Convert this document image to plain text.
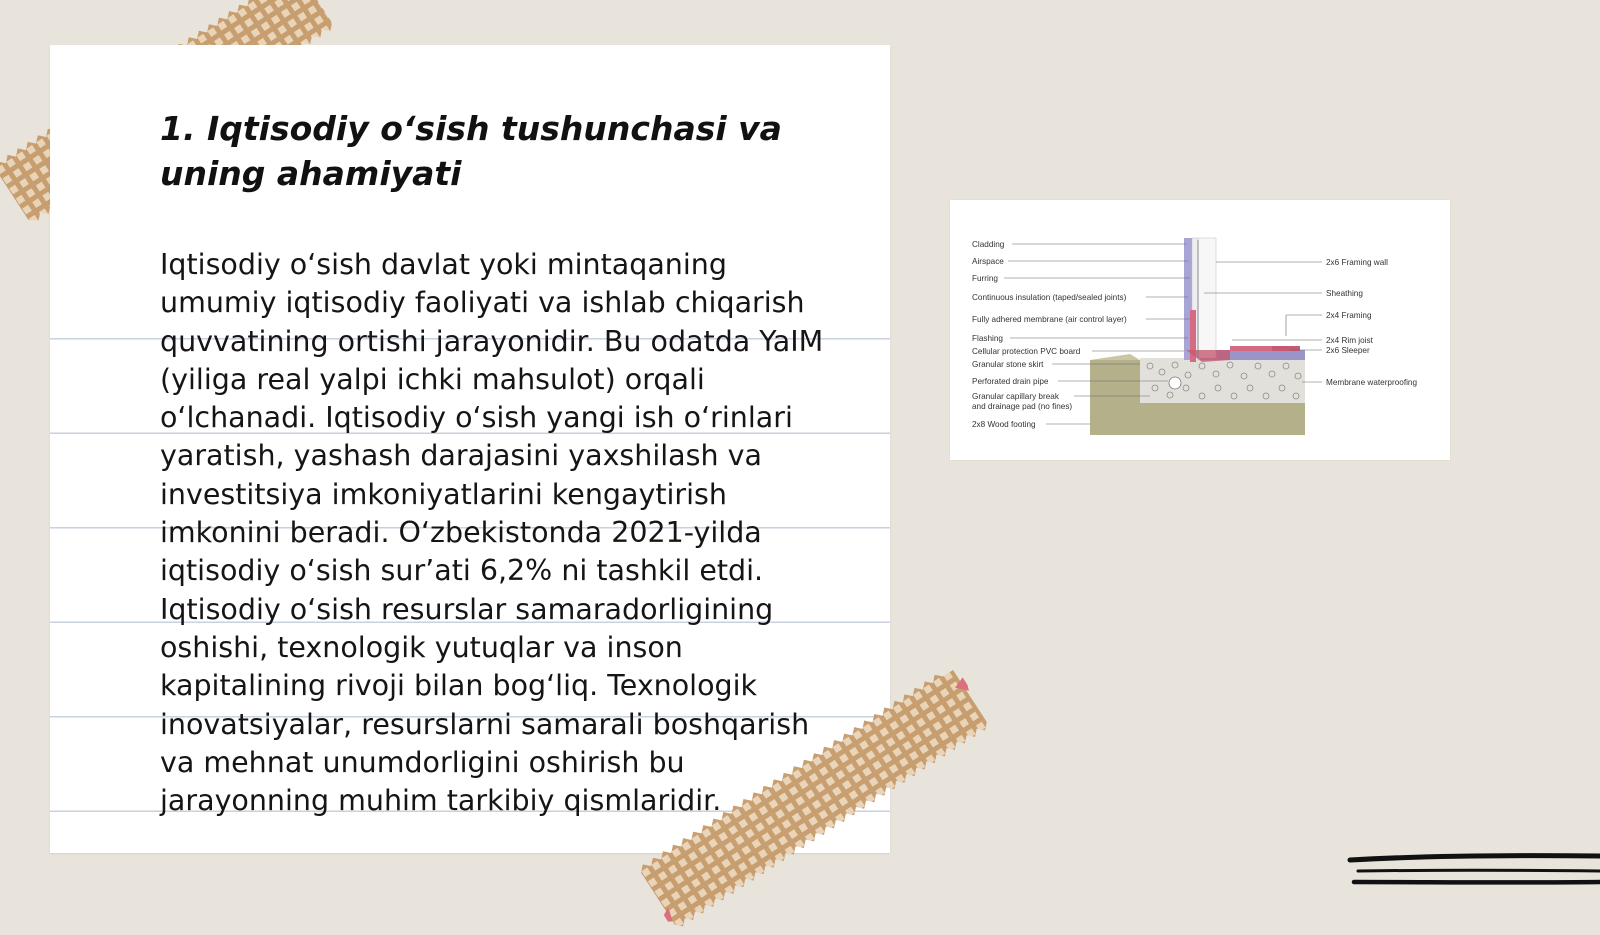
1. Iqtisodiy o‘sish tushunchasi va uning ahamiyati

Iqtisodiy o‘sish davlat yoki mintaqaning umumiy iqtisodiy faoliyati va ishlab chiqarish quvvatining ortishi jarayonidir. Bu odatda YaIM (yiliga real yalpi ichki mahsulot) orqali o‘lchanadi. Iqtisodiy o‘sish yangi ish o‘rinlari yaratish, yashash darajasini yaxshilash va investitsiya imkoniyatlarini kengaytirish imkonini beradi. O‘zbekistonda 2021-yilda iqtisodiy o‘sish sur’ati 6,2% ni tashkil etdi. Iqtisodiy o‘sish resurslar samaradorligining oshishi, texnologik yutuqlar va inson kapitalining rivoji bilan bog‘liq. Texnologik inovatsiyalar, resurslarni samarali boshqarish va mehnat unumdorligini oshirish bu jarayonning muhim tarkibiy qismlaridir.

Cladding
Airspace
Furring
Continuous insulation (taped/sealed joints)
Fully adhered membrane (air control layer)
Flashing
Cellular protection PVC board
Granular stone skirt
Perforated drain pipe
Granular capillary break
and drainage pad (no fines)
2x8 Wood footing
2x6 Framing wall
Sheathing
2x4 Framing
2x4 Rim joist
2x6 Sleeper
Membrane waterproofing
